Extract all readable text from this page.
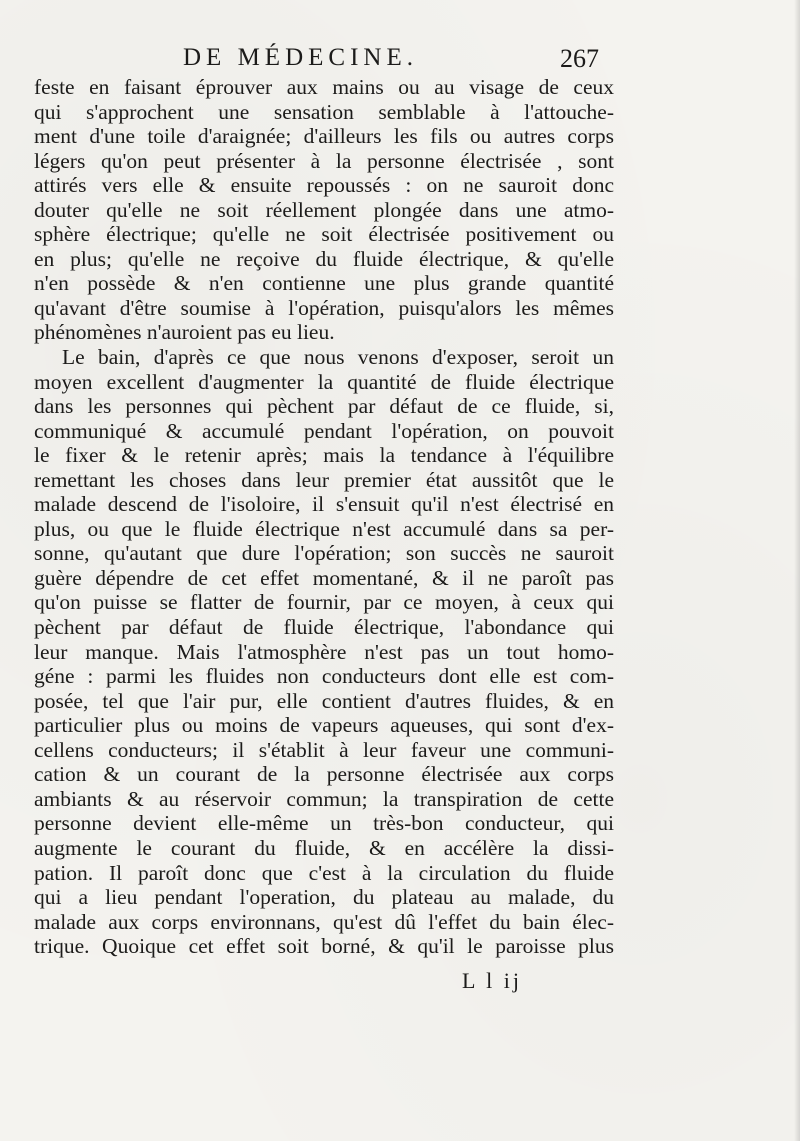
DE MÉDECINE.	267
feste en faisant éprouver aux mains ou au visage de ceux
qui s'approchent une sensation semblable à l'attouche-
ment d'une toile d'araignée; d'ailleurs les fils ou autres corps
légers qu'on peut présenter à la personne électrisée , sont
attirés vers elle & ensuite repoussés : on ne sauroit donc
douter qu'elle ne soit réellement plongée dans une atmo-
sphère électrique; qu'elle ne soit électrisée positivement ou
en plus; qu'elle ne reçoive du fluide électrique, & qu'elle
n'en possède & n'en contienne une plus grande quantité
qu'avant d'être soumise à l'opération, puisqu'alors les mêmes
phénomènes n'auroient pas eu lieu.
Le bain, d'après ce que nous venons d'exposer, seroit un
moyen excellent d'augmenter la quantité de fluide électrique
dans les personnes qui pèchent par défaut de ce fluide, si,
communiqué & accumulé pendant l'opération, on pouvoit
le fixer & le retenir après; mais la tendance à l'équilibre
remettant les choses dans leur premier état aussitôt que le
malade descend de l'isoloire, il s'ensuit qu'il n'est électrisé en
plus, ou que le fluide électrique n'est accumulé dans sa per-
sonne, qu'autant que dure l'opération; son succès ne sauroit
guère dépendre de cet effet momentané, & il ne paroît pas
qu'on puisse se flatter de fournir, par ce moyen, à ceux qui
pèchent par défaut de fluide électrique, l'abondance qui
leur manque. Mais l'atmosphère n'est pas un tout homo-
géne : parmi les fluides non conducteurs dont elle est com-
posée, tel que l'air pur, elle contient d'autres fluides, & en
particulier plus ou moins de vapeurs aqueuses, qui sont d'ex-
cellens conducteurs; il s'établit à leur faveur une communi-
cation & un courant de la personne électrisée aux corps
ambiants & au réservoir commun; la transpiration de cette
personne devient elle-même un très-bon conducteur, qui
augmente le courant du fluide, & en accélère la dissi-
pation. Il paroît donc que c'est à la circulation du fluide
qui a lieu pendant l'operation, du plateau au malade, du
malade aux corps environnans, qu'est dû l'effet du bain élec-
trique. Quoique cet effet soit borné, & qu'il le paroisse plus
L l ij
